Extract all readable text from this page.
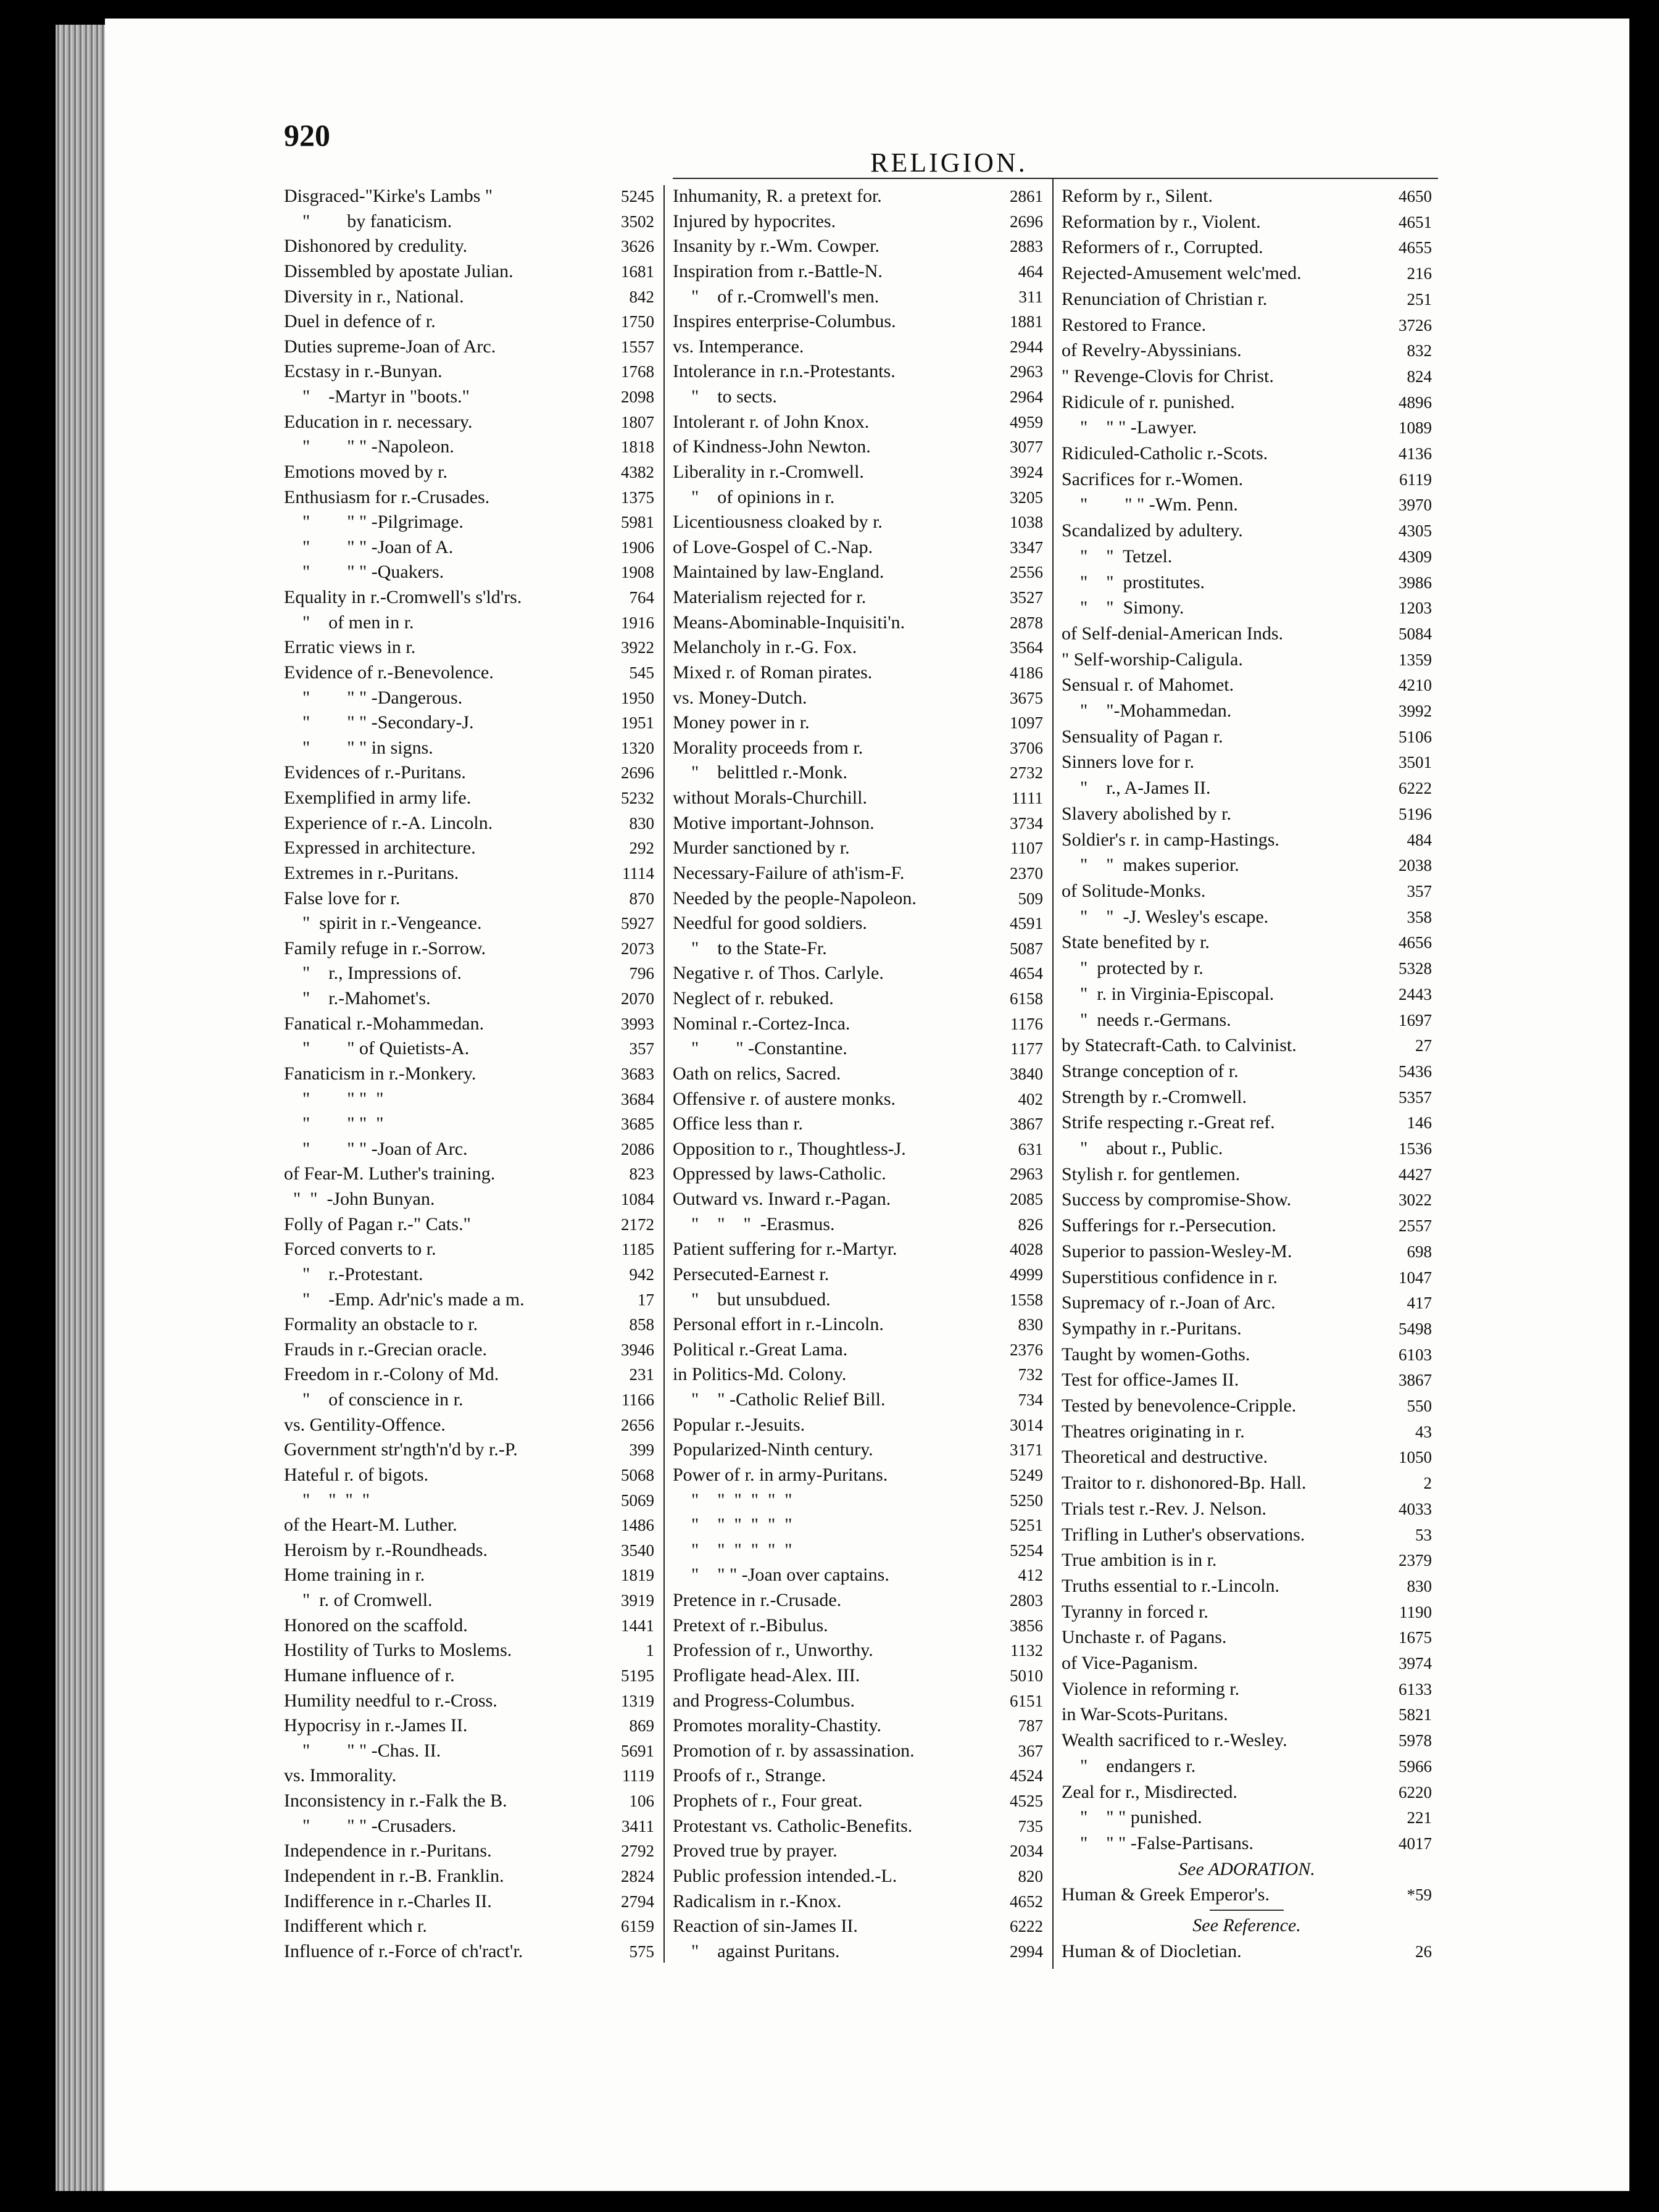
920
RELIGION.
Disgraced-"Kirke's Lambs "	5245
"        by fanaticism.	3502
Dishonored by credulity.	3626
Dissembled by apostate Julian.	1681
Diversity in r., National.	842
Duel in defence of r.	1750
Duties supreme-Joan of Arc.	1557
Ecstasy in r.-Bunyan.	1768
"    -Martyr in "boots."	2098
Education in r. necessary.	1807
"        " " -Napoleon.	1818
Emotions moved by r.	4382
Enthusiasm for r.-Crusades.	1375
"        " " -Pilgrimage.	5981
"        " " -Joan of A.	1906
"        " " -Quakers.	1908
Equality in r.-Cromwell's s'ld'rs.	764
"    of men in r.	1916
Erratic views in r.	3922
Evidence of r.-Benevolence.	545
"        " " -Dangerous.	1950
"        " " -Secondary-J.	1951
"        " " in signs.	1320
Evidences of r.-Puritans.	2696
Exemplified in army life.	5232
Experience of r.-A. Lincoln.	830
Expressed in architecture.	292
Extremes in r.-Puritans.	1114
False love for r.	870
"  spirit in r.-Vengeance.	5927
Family refuge in r.-Sorrow.	2073
"    r., Impressions of.	796
"    r.-Mahomet's.	2070
Fanatical r.-Mohammedan.	3993
"        " of Quietists-A.	357
Fanaticism in r.-Monkery.	3683
"        " "  "	3684
"        " "  "	3685
"        " " -Joan of Arc.	2086
of Fear-M. Luther's training.	823
"  "  -John Bunyan.	1084
Folly of Pagan r.-" Cats."	2172
Forced converts to r.	1185
"    r.-Protestant.	942
"    -Emp. Adr'nic's made a m.	17
Formality an obstacle to r.	858
Frauds in r.-Grecian oracle.	3946
Freedom in r.-Colony of Md.	231
"    of conscience in r.	1166
vs. Gentility-Offence.	2656
Government str'ngth'n'd by r.-P.	399
Hateful r. of bigots.	5068
"    "  "  "	5069
of the Heart-M. Luther.	1486
Heroism by r.-Roundheads.	3540
Home training in r.	1819
"  r. of Cromwell.	3919
Honored on the scaffold.	1441
Hostility of Turks to Moslems.	1
Humane influence of r.	5195
Humility needful to r.-Cross.	1319
Hypocrisy in r.-James II.	869
"        " " -Chas. II.	5691
vs. Immorality.	1119
Inconsistency in r.-Falk the B.	106
"        " " -Crusaders.	3411
Independence in r.-Puritans.	2792
Independent in r.-B. Franklin.	2824
Indifference in r.-Charles II.	2794
Indifferent which r.	6159
Influence of r.-Force of ch'ract'r.	575
Inhumanity, R. a pretext for.	2861
Injured by hypocrites.	2696
Insanity by r.-Wm. Cowper.	2883
Inspiration from r.-Battle-N.	464
"    of r.-Cromwell's men.	311
Inspires enterprise-Columbus.	1881
vs. Intemperance.	2944
Intolerance in r.n.-Protestants.	2963
"    to sects.	2964
Intolerant r. of John Knox.	4959
of Kindness-John Newton.	3077
Liberality in r.-Cromwell.	3924
"    of opinions in r.	3205
Licentiousness cloaked by r.	1038
of Love-Gospel of C.-Nap.	3347
Maintained by law-England.	2556
Materialism rejected for r.	3527
Means-Abominable-Inquisiti'n.	2878
Melancholy in r.-G. Fox.	3564
Mixed r. of Roman pirates.	4186
vs. Money-Dutch.	3675
Money power in r.	1097
Morality proceeds from r.	3706
"    belittled r.-Monk.	2732
without Morals-Churchill.	1111
Motive important-Johnson.	3734
Murder sanctioned by r.	1107
Necessary-Failure of ath'ism-F.	2370
Needed by the people-Napoleon.	509
Needful for good soldiers.	4591
"    to the State-Fr.	5087
Negative r. of Thos. Carlyle.	4654
Neglect of r. rebuked.	6158
Nominal r.-Cortez-Inca.	1176
"        " -Constantine.	1177
Oath on relics, Sacred.	3840
Offensive r. of austere monks.	402
Office less than r.	3867
Opposition to r., Thoughtless-J.	631
Oppressed by laws-Catholic.	2963
Outward vs. Inward r.-Pagan.	2085
"    "    "  -Erasmus.	826
Patient suffering for r.-Martyr.	4028
Persecuted-Earnest r.	4999
"    but unsubdued.	1558
Personal effort in r.-Lincoln.	830
Political r.-Great Lama.	2376
in Politics-Md. Colony.	732
"    " -Catholic Relief Bill.	734
Popular r.-Jesuits.	3014
Popularized-Ninth century.	3171
Power of r. in army-Puritans.	5249
"    "  "  "  "  "	5250
"    "  "  "  "  "	5251
"    "  "  "  "  "	5254
"    " " -Joan over captains.	412
Pretence in r.-Crusade.	2803
Pretext of r.-Bibulus.	3856
Profession of r., Unworthy.	1132
Profligate head-Alex. III.	5010
and Progress-Columbus.	6151
Promotes morality-Chastity.	787
Promotion of r. by assassination.	367
Proofs of r., Strange.	4524
Prophets of r., Four great.	4525
Protestant vs. Catholic-Benefits.	735
Proved true by prayer.	2034
Public profession intended.-L.	820
Radicalism in r.-Knox.	4652
Reaction of sin-James II.	6222
"    against Puritans.	2994
Reform by r., Silent.	4650
Reformation by r., Violent.	4651
Reformers of r., Corrupted.	4655
Rejected-Amusement welc'med.	216
Renunciation of Christian r.	251
Restored to France.	3726
of Revelry-Abyssinians.	832
" Revenge-Clovis for Christ.	824
Ridicule of r. punished.	4896
"    " " -Lawyer.	1089
Ridiculed-Catholic r.-Scots.	4136
Sacrifices for r.-Women.	6119
"        " " -Wm. Penn.	3970
Scandalized by adultery.	4305
"    "  Tetzel.	4309
"    "  prostitutes.	3986
"    "  Simony.	1203
of Self-denial-American Inds.	5084
" Self-worship-Caligula.	1359
Sensual r. of Mahomet.	4210
"    "-Mohammedan.	3992
Sensuality of Pagan r.	5106
Sinners love for r.	3501
"    r., A-James II.	6222
Slavery abolished by r.	5196
Soldier's r. in camp-Hastings.	484
"    "  makes superior.	2038
of Solitude-Monks.	357
"    "  -J. Wesley's escape.	358
State benefited by r.	4656
"  protected by r.	5328
"  r. in Virginia-Episcopal.	2443
"  needs r.-Germans.	1697
by Statecraft-Cath. to Calvinist.	27
Strange conception of r.	5436
Strength by r.-Cromwell.	5357
Strife respecting r.-Great ref.	146
"    about r., Public.	1536
Stylish r. for gentlemen.	4427
Success by compromise-Show.	3022
Sufferings for r.-Persecution.	2557
Superior to passion-Wesley-M.	698
Superstitious confidence in r.	1047
Supremacy of r.-Joan of Arc.	417
Sympathy in r.-Puritans.	5498
Taught by women-Goths.	6103
Test for office-James II.	3867
Tested by benevolence-Cripple.	550
Theatres originating in r.	43
Theoretical and destructive.	1050
Traitor to r. dishonored-Bp. Hall.	2
Trials test r.-Rev. J. Nelson.	4033
Trifling in Luther's observations.	53
True ambition is in r.	2379
Truths essential to r.-Lincoln.	830
Tyranny in forced r.	1190
Unchaste r. of Pagans.	1675
of Vice-Paganism.	3974
Violence in reforming r.	6133
in War-Scots-Puritans.	5821
Wealth sacrificed to r.-Wesley.	5978
"    endangers r.	5966
Zeal for r., Misdirected.	6220
"    " " punished.	221
"    " " -False-Partisans.	4017
See ADORATION.
Human & Greek Emperor's.	*59
See Reference.
Human & of Diocletian.	26
